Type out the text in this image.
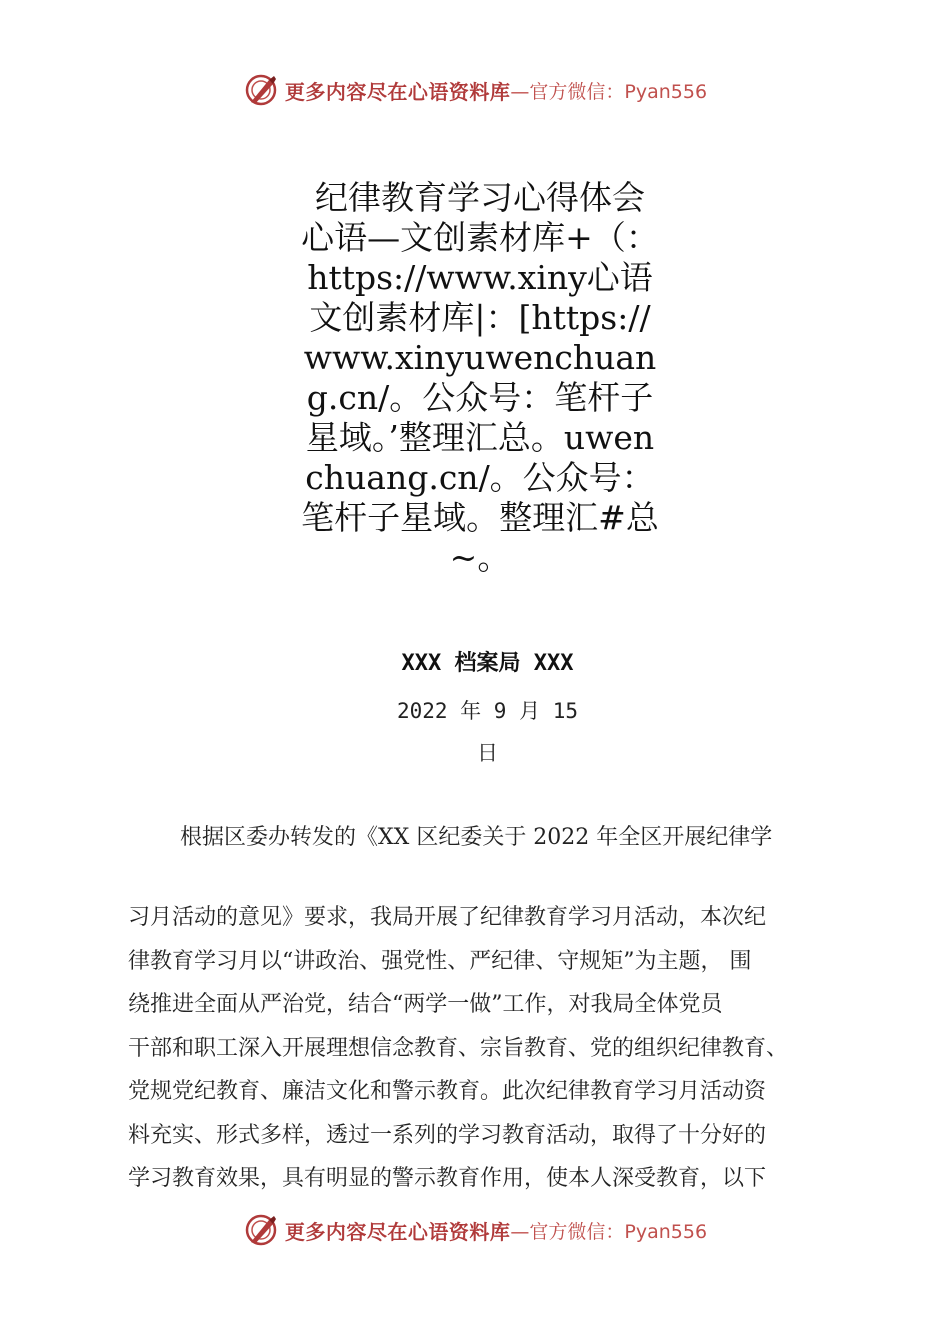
更多内容尽在心语资料库 —官方微信：Pyan556
纪律教育学习心得体会心语—文创素材库+（：https://www.xiny心语文创素材库|：[https://www.xinyuwenchuang.cn/。公众号：笔杆子星域。’整理汇总。uwenchuang.cn/。公众号：笔杆子星域。整理汇#总~。
XXX 档案局 XXX
2022 年 9 月 15 日

根据区委办转发的《XX 区纪委关于 2022 年全区开展纪律学

习月活动的意见》要求，我局开展了纪律教育学习月活动，本次纪
律教育学习月以“讲政治、强党性、严纪律、守规矩”为主题， 围
绕推进全面从严治党，结合“两学一做”工作，对我局全体党员
干部和职工深入开展理想信念教育、宗旨教育、党的组织纪律教育、
党规党纪教育、廉洁文化和警示教育。此次纪律教育学习月活动资
料充实、形式多样，透过一系列的学习教育活动，取得了十分好的
学习教育效果，具有明显的警示教育作用，使本人深受教育，以下
更多内容尽在心语资料库 —官方微信：Pyan556
